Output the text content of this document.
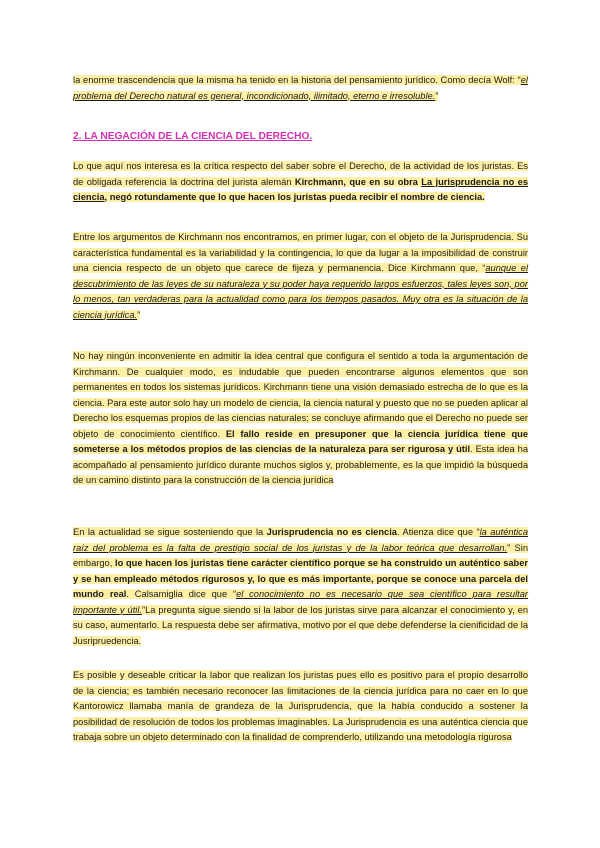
la enorme trascendencia que la misma ha tenido en la historia del pensamiento jurídico. Como decía Wolf: “el problema del Derecho natural es general, incondicionado, ilimitado, eterno e irresoluble.”

2. LA NEGACIÓN DE LA CIENCIA DEL DERECHO.

Lo que aquí nos interesa es la crítica respecto del saber sobre el Derecho, de la actividad de los juristas. Es de obligada referencia la doctrina del jurista alemán Kirchmann, que en su obra La jurisprudencia no es ciencia, negó rotundamente que lo que hacen los juristas pueda recibir el nombre de ciencia.

Entre los argumentos de Kirchmann nos encontramos, en primer lugar, con el objeto de la Jurisprudencia. Su característica fundamental es la variabilidad y la contingencia, lo que da lugar a la imposibilidad de construir una ciencia respecto de un objeto que carece de fijeza y permanencia. Dice Kirchmann que, “aunque el descubrimiento de las leyes de su naturaleza y su poder haya requerido largos esfuerzos, tales leyes son, por lo menos, tan verdaderas para la actualidad como para los tiempos pasados. Muy otra es la situación de la ciencia jurídica.”

No hay ningún inconveniente en admitir la idea central que configura el sentido a toda la argumentación de Kirchmann. De cualquier modo, es indudable que pueden encontrarse algunos elementos que son permanentes en todos los sistemas jurídicos. Kirchmann tiene una visión demasiado estrecha de lo que es la ciencia. Para este autor solo hay un modelo de ciencia, la ciencia natural y puesto que no se pueden aplicar al Derecho los esquemas propios de las ciencias naturales; se concluye afirmando que el Derecho no puede ser objeto de conocimiento científico. El fallo reside en presuponer que la ciencia jurídica tiene que someterse a los métodos propios de las ciencias de la naturaleza para ser rigurosa y útil. Esta idea ha acompañado al pensamiento jurídico durante muchos siglos y, probablemente, es la que impidió la búsqueda de un camino distinto para la construcción de la ciencia jurídica

En la actualidad se sigue sosteniendo que la Jurisprudencia no es ciencia. Atienza dice que “la auténtica raíz del problema es la falta de prestigio social de los juristas y de la labor teórica que desarrollan.” Sin embargo, lo que hacen los juristas tiene carácter científico porque se ha construido un auténtico saber y se han empleado métodos rigurosos y, lo que es más importante, porque se conoce una parcela del mundo real. Calsamiglia dice que “el conocimiento no es necesario que sea científico para resultar importante y útil.”La pregunta sigue siendo si la labor de los juristas sirve para alcanzar el conocimiento y, en su caso, aumentarlo. La respuesta debe ser afirmativa, motivo por el que debe defenderse la cienificidad de la Jusripruedencia.

Es posible y deseable criticar la labor que realizan los juristas pues ello es positivo para el propio desarrollo de la ciencia; es también necesario reconocer las limitaciones de la ciencia jurídica para no caer en lo que Kantorowicz llamaba manía de grandeza de la Jurisprudencia, que la había conducido a sostener la posibilidad de resolución de todos los problemas imaginables. La Jurisprudencia es una auténtica ciencia que trabaja sobre un objeto determinado con la finalidad de comprenderlo, utilizando una metodología rigurosa
